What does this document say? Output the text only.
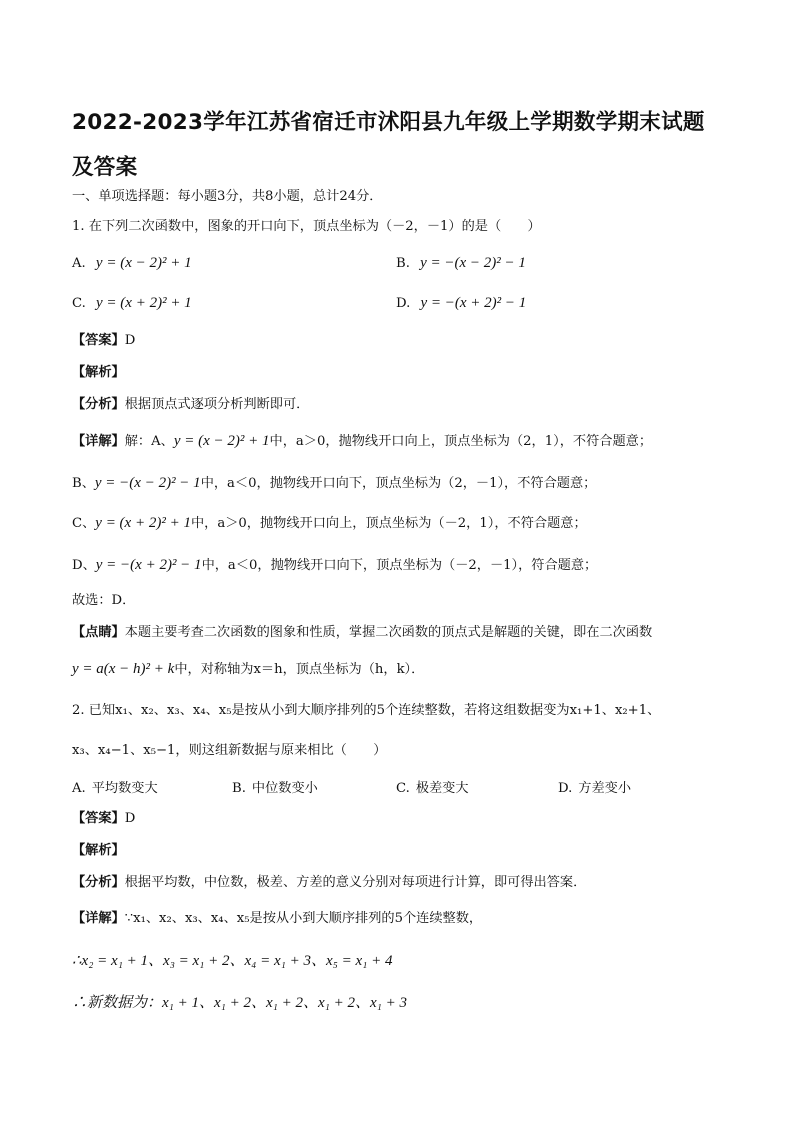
2022-2023学年江苏省宿迁市沭阳县九年级上学期数学期末试题及答案
一、单项选择题：每小题3分，共8小题，总计24分．
1. 在下列二次函数中，图象的开口向下，顶点坐标为（－2，－1）的是（　　）
A. y = (x − 2)² + 1	B. y = −(x − 2)² − 1
C. y = (x + 2)² + 1	D. y = −(x + 2)² − 1
【答案】D
【解析】
【分析】根据顶点式逐项分析判断即可．
【详解】解：A、y = (x − 2)² + 1中，a＞0，抛物线开口向上，顶点坐标为（2，1），不符合题意；
B、y = −(x − 2)² − 1中，a＜0，抛物线开口向下，顶点坐标为（2，－1），不符合题意；
C、y = (x + 2)² + 1中，a＞0，抛物线开口向上，顶点坐标为（－2，1），不符合题意；
D、y = −(x + 2)² − 1中，a＜0，抛物线开口向下，顶点坐标为（－2，－1），符合题意；
故选：D．
【点睛】本题主要考查二次函数的图象和性质，掌握二次函数的顶点式是解题的关键，即在二次函数
y = a(x − h)² + k中，对称轴为x＝h，顶点坐标为（h，k）．
2. 已知x₁、x₂、x₃、x₄、x₅是按从小到大顺序排列的5个连续整数，若将这组数据变为x₁+1、x₂+1、
x₃、x₄−1、x₅−1，则这组新数据与原来相比（　　）
A. 平均数变大	B. 中位数变小	C. 极差变大	D. 方差变小
【答案】D
【解析】
【分析】根据平均数，中位数，极差、方差的意义分别对每项进行计算，即可得出答案．
【详解】∵x₁、x₂、x₃、x₄、x₅是按从小到大顺序排列的5个连续整数，
∴x₂ = x₁ + 1、x₃ = x₁ + 2、x₄ = x₁ + 3、x₅ = x₁ + 4
∴新数据为：x₁ + 1、x₁ + 2、x₁ + 2、x₁ + 2、x₁ + 3
